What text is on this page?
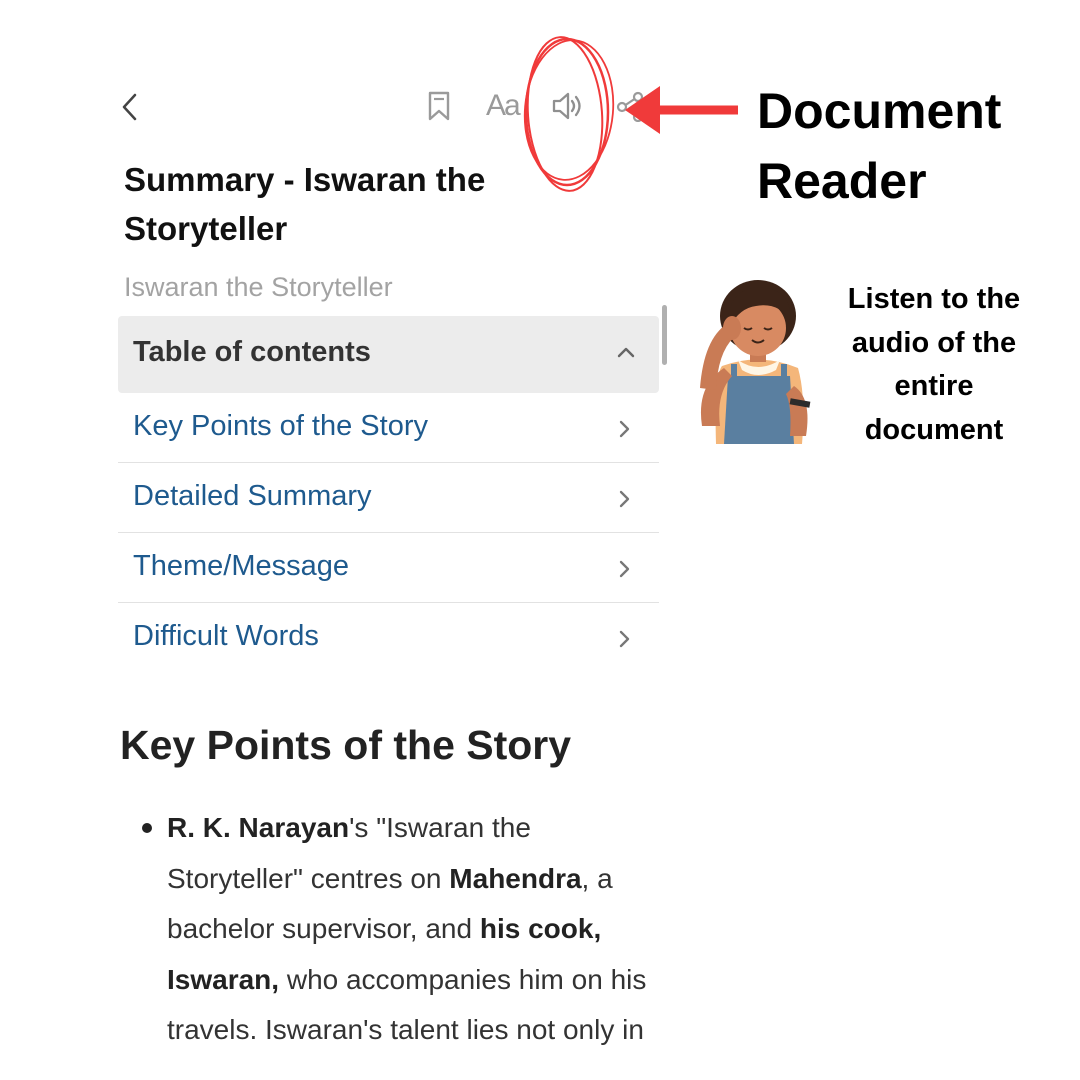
Aa
Summary - Iswaran the Storyteller
Iswaran the Storyteller
Table of contents
Key Points of the Story
Detailed Summary
Theme/Message
Difficult Words
Key Points of the Story

R. K. Narayan's "Iswaran the Storyteller" centres on Mahendra, a bachelor supervisor, and his cook, Iswaran, who accompanies him on his travels. Iswaran's talent lies not only in

Document Reader
Listen to the audio of the entire document
